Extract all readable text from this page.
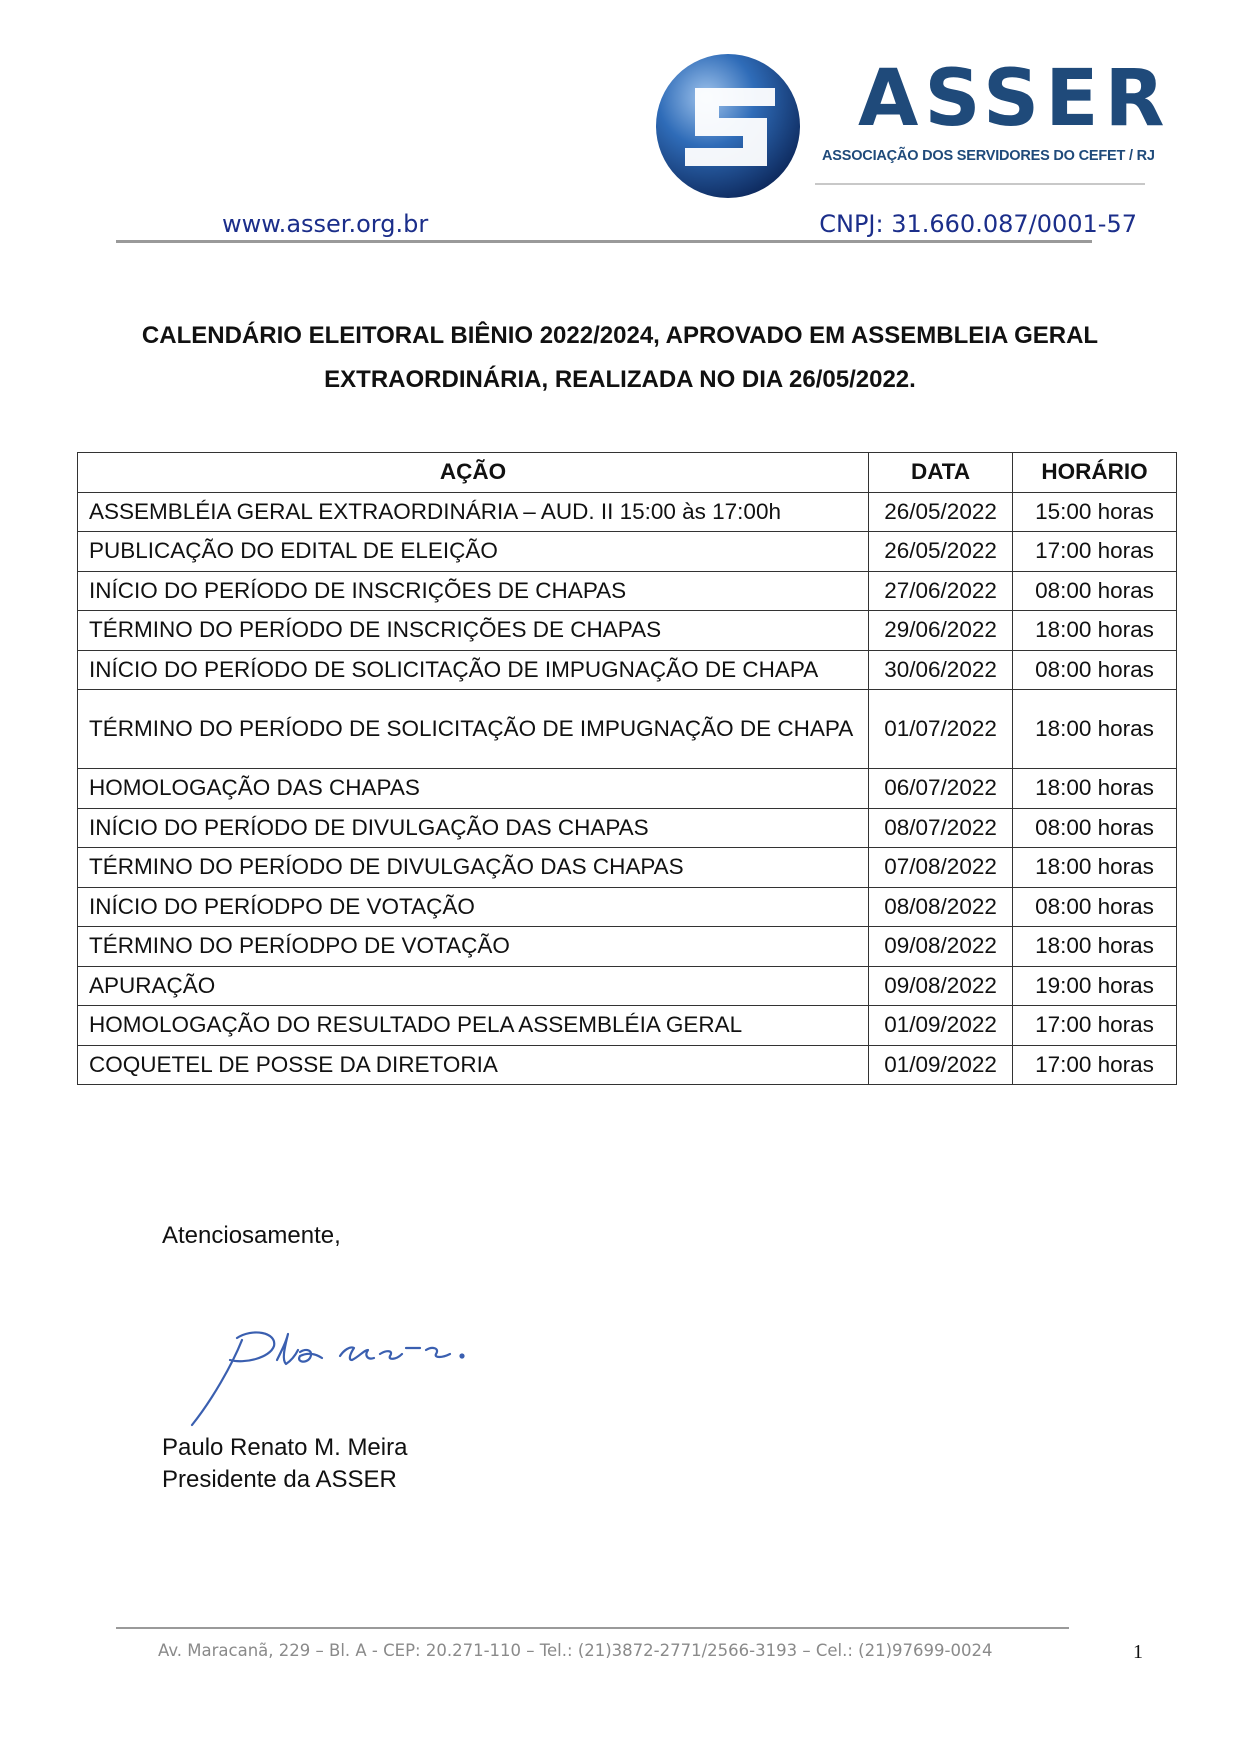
ASSER
ASSOCIAÇÃO DOS SERVIDORES DO CEFET / RJ
www.asser.org.br	CNPJ: 31.660.087/0001-57
CALENDÁRIO ELEITORAL BIÊNIO 2022/2024, APROVADO EM ASSEMBLEIA GERAL
EXTRAORDINÁRIA, REALIZADA NO DIA 26/05/2022.
AÇÃO	DATA	HORÁRIO
ASSEMBLÉIA GERAL EXTRAORDINÁRIA – AUD. II 15:00 às 17:00h	26/05/2022	15:00 horas
PUBLICAÇÃO DO EDITAL DE ELEIÇÃO	26/05/2022	17:00 horas
INÍCIO DO PERÍODO DE INSCRIÇÕES DE CHAPAS	27/06/2022	08:00 horas
TÉRMINO DO PERÍODO DE INSCRIÇÕES DE CHAPAS	29/06/2022	18:00 horas
INÍCIO DO PERÍODO DE SOLICITAÇÃO DE IMPUGNAÇÃO DE CHAPA	30/06/2022	08:00 horas
TÉRMINO DO PERÍODO DE SOLICITAÇÃO DE IMPUGNAÇÃO DE CHAPA	01/07/2022	18:00 horas
HOMOLOGAÇÃO DAS CHAPAS	06/07/2022	18:00 horas
INÍCIO DO PERÍODO DE DIVULGAÇÃO DAS CHAPAS	08/07/2022	08:00 horas
TÉRMINO DO PERÍODO DE DIVULGAÇÃO DAS CHAPAS	07/08/2022	18:00 horas
INÍCIO DO PERÍODPO DE VOTAÇÃO	08/08/2022	08:00 horas
TÉRMINO DO PERÍODPO DE VOTAÇÃO	09/08/2022	18:00 horas
APURAÇÃO	09/08/2022	19:00 horas
HOMOLOGAÇÃO DO RESULTADO PELA ASSEMBLÉIA GERAL	01/09/2022	17:00 horas
COQUETEL DE POSSE DA DIRETORIA	01/09/2022	17:00 horas
Atenciosamente,
Paulo Renato M. Meira
Presidente da ASSER
Av. Maracanã, 229 – Bl. A - CEP: 20.271-110 – Tel.: (21)3872-2771/2566-3193 – Cel.: (21)97699-0024	1
